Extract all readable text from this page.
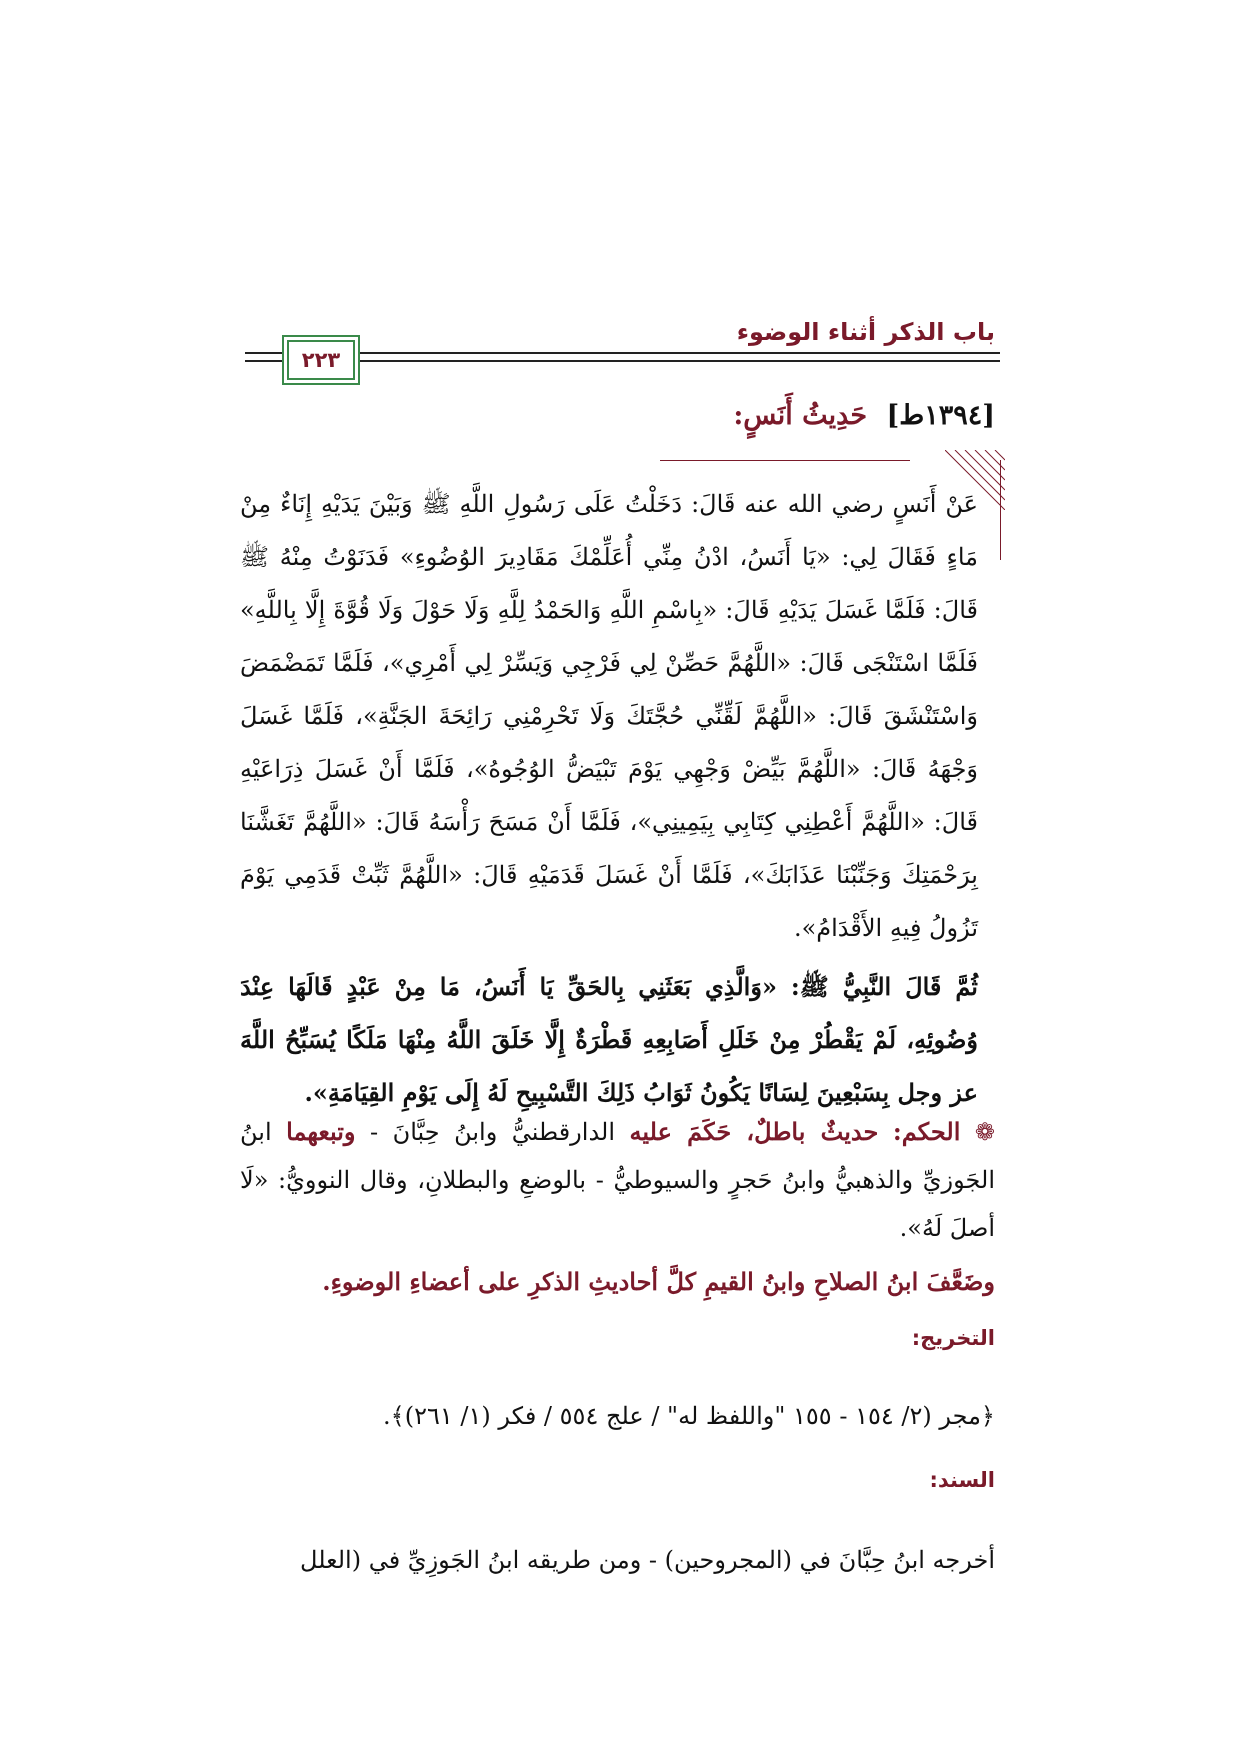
باب الذكر أثناء الوضوء
٢٢٣
[١٣٩٤ط] حَدِيثُ أَنَسٍ:
عَنْ أَنَسٍ رضي الله عنه قَالَ: دَخَلْتُ عَلَى رَسُولِ اللَّهِ ﷺ وَبَيْنَ يَدَيْهِ إِنَاءٌ مِنْ مَاءٍ فَقَالَ لِي: «يَا أَنَسُ، ادْنُ مِنِّي أُعَلِّمْكَ مَقَادِيرَ الوُضُوءِ» فَدَنَوْتُ مِنْهُ ﷺ قَالَ: فَلَمَّا غَسَلَ يَدَيْهِ قَالَ: «بِاسْمِ اللَّهِ وَالحَمْدُ لِلَّهِ وَلَا حَوْلَ وَلَا قُوَّةَ إِلَّا بِاللَّهِ» فَلَمَّا اسْتَنْجَى قَالَ: «اللَّهُمَّ حَصِّنْ لِي فَرْجِي وَيَسِّرْ لِي أَمْرِي»، فَلَمَّا تَمَضْمَضَ وَاسْتَنْشَقَ قَالَ: «اللَّهُمَّ لَقِّنِّي حُجَّتَكَ وَلَا تَحْرِمْنِي رَائِحَةَ الجَنَّةِ»، فَلَمَّا غَسَلَ وَجْهَهُ قَالَ: «اللَّهُمَّ بَيِّضْ وَجْهِي يَوْمَ تَبْيَضُّ الوُجُوهُ»، فَلَمَّا أَنْ غَسَلَ ذِرَاعَيْهِ قَالَ: «اللَّهُمَّ أَعْطِنِي كِتَابِي بِيَمِينِي»، فَلَمَّا أَنْ مَسَحَ رَأْسَهُ قَالَ: «اللَّهُمَّ تَغَشَّنَا بِرَحْمَتِكَ وَجَنِّبْنَا عَذَابَكَ»، فَلَمَّا أَنْ غَسَلَ قَدَمَيْهِ قَالَ: «اللَّهُمَّ ثَبِّتْ قَدَمِي يَوْمَ تَزُولُ فِيهِ الأَقْدَامُ».
ثُمَّ قَالَ النَّبِيُّ ﷺ: «وَالَّذِي بَعَثَنِي بِالحَقِّ يَا أَنَسُ، مَا مِنْ عَبْدٍ قَالَهَا عِنْدَ وُضُوئِهِ، لَمْ يَقْطُرْ مِنْ خَلَلِ أَصَابِعِهِ قَطْرَةٌ إِلَّا خَلَقَ اللَّهُ مِنْهَا مَلَكًا يُسَبِّحُ اللَّهَ عز وجل بِسَبْعِينَ لِسَانًا يَكُونُ ثَوَابُ ذَلِكَ التَّسْبِيحِ لَهُ إِلَى يَوْمِ القِيَامَةِ».
❁ الحكم: حديثٌ باطلٌ، حَكَمَ عليه الدارقطنيُّ وابنُ حِبَّانَ - وتبعهما ابنُ الجَوزيِّ والذهبيُّ وابنُ حَجرٍ والسيوطيُّ - بالوضعِ والبطلانِ، وقال النوويُّ: «لَا أصلَ لَهُ».
وضَعَّفَ ابنُ الصلاحِ وابنُ القيمِ كلَّ أحاديثِ الذكرِ على أعضاءِ الوضوءِ.
التخريج:
﴿مجر (٢/ ١٥٤ - ١٥٥ "واللفظ له" / علج ٥٥٤ / فكر (١/ ٢٦١)﴾.
السند:
أخرجه ابنُ حِبَّانَ في (المجروحين) - ومن طريقه ابنُ الجَوزِيِّ في (العلل
